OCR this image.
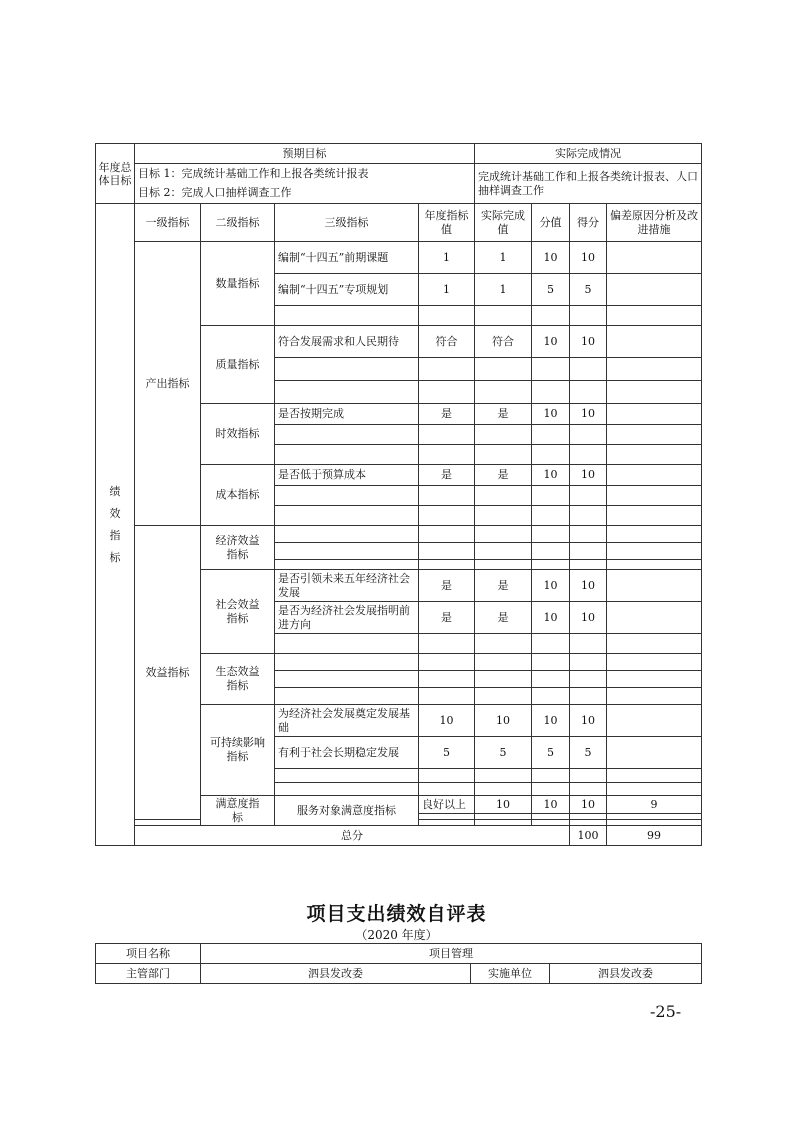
年度总体目标	预期目标				实际完成情况				
	目标 1：完成统计基础工作和上报各类统计报表				完成统计基础工作和上报各类统计报表、人口抽样调查工作				
	目标 2：完成人口抽样调查工作								
绩效指标	一级指标	二级指标	三级指标	年度指标值	实际完成值	分值	得分	偏差原因分析及改进措施	
	产出指标	数量指标	编制“十四五”前期课题	1	1	10	10		
			编制“十四五”专项规划	1	1	5	5		

		质量指标	符合发展需求和人民期待	符合	符合	10	10		

		时效指标	是否按期完成	是	是	10	10		

		成本指标	是否低于预算成本	是	是	10	10		

	效益指标	经济效益指标							

		社会效益指标	是否引领未来五年经济社会发展	是	是	10	10		
			是否为经济社会发展指明前进方向	是	是	10	10		

		生态效益指标							

		可持续影响指标	为经济社会发展奠定发展基础	10	10	10	10		
			有利于社会长期稳定发展	5	5	5	5		

		满意度指标	服务对象满意度指标	良好以上	10	10	10	9	

	总分						100	99	
项目支出绩效自评表

（2020 年度）

项目名称	项目管理		
主管部门	泗县发改委	实施单位	泗县发改委
-25-
